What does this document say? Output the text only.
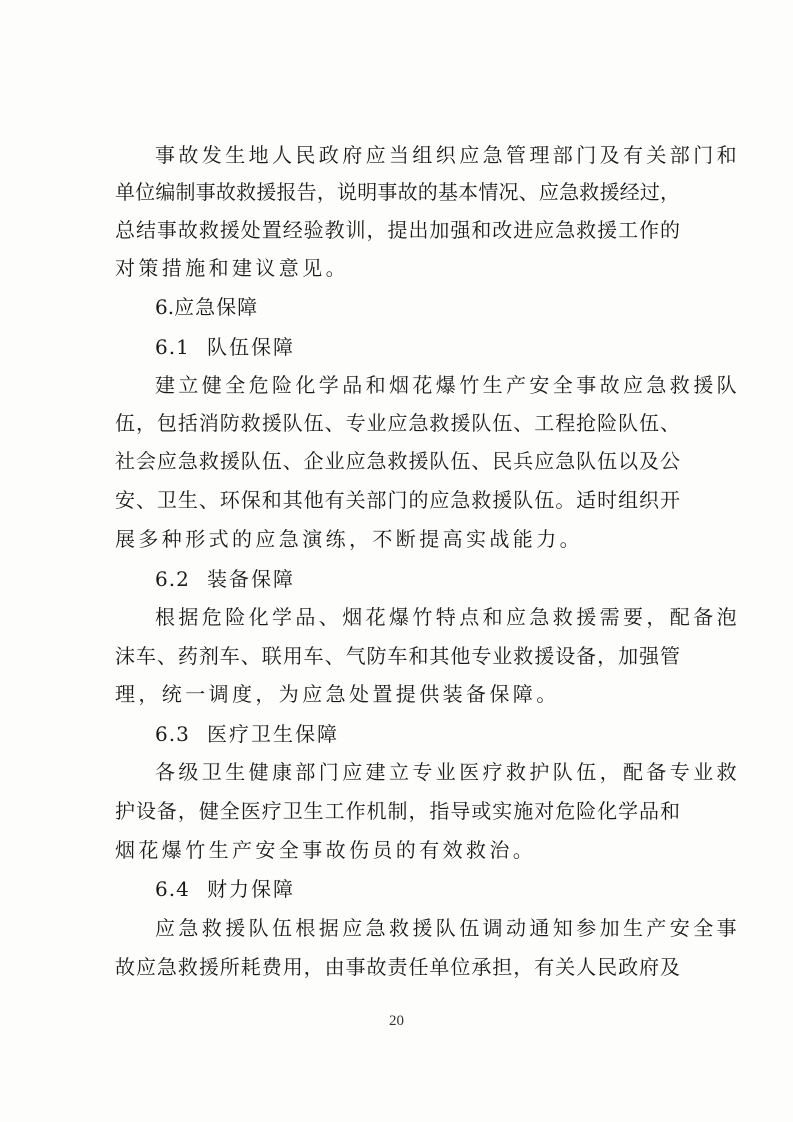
事故发生地人民政府应当组织应急管理部门及有关部门和
单位编制事故救援报告，说明事故的基本情况、应急救援经过，
总结事故救援处置经验教训，提出加强和改进应急救援工作的
对策措施和建议意见。
6.应急保障
6.1 队伍保障
建立健全危险化学品和烟花爆竹生产安全事故应急救援队
伍，包括消防救援队伍、专业应急救援队伍、工程抢险队伍、
社会应急救援队伍、企业应急救援队伍、民兵应急队伍以及公
安、卫生、环保和其他有关部门的应急救援队伍。适时组织开
展多种形式的应急演练，不断提高实战能力。
6.2 装备保障
根据危险化学品、烟花爆竹特点和应急救援需要，配备泡
沫车、药剂车、联用车、气防车和其他专业救援设备，加强管
理，统一调度，为应急处置提供装备保障。
6.3 医疗卫生保障
各级卫生健康部门应建立专业医疗救护队伍，配备专业救
护设备，健全医疗卫生工作机制，指导或实施对危险化学品和
烟花爆竹生产安全事故伤员的有效救治。
6.4 财力保障
应急救援队伍根据应急救援队伍调动通知参加生产安全事
故应急救援所耗费用，由事故责任单位承担，有关人民政府及
20
